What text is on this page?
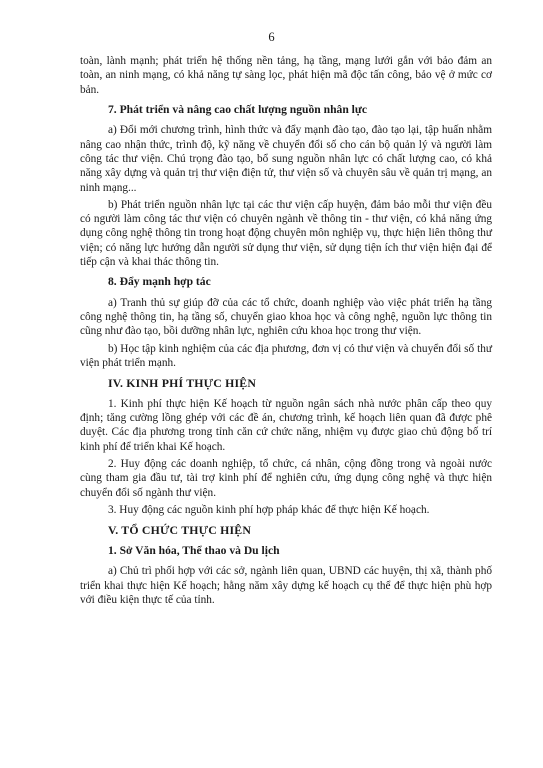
6

toàn, lành mạnh; phát triển hệ thống nền tảng, hạ tầng, mạng lưới gắn với bảo đảm an toàn, an ninh mạng, có khả năng tự sàng lọc, phát hiện mã độc tấn công, bảo vệ ở mức cơ bản.

7. Phát triển và nâng cao chất lượng nguồn nhân lực

a) Đổi mới chương trình, hình thức và đẩy mạnh đào tạo, đào tạo lại, tập huấn nhằm nâng cao nhận thức, trình độ, kỹ năng về chuyển đổi số cho cán bộ quản lý và người làm công tác thư viện. Chú trọng đào tạo, bổ sung nguồn nhân lực có chất lượng cao, có khả năng xây dựng và quản trị thư viện điện tử, thư viện số và chuyên sâu về quản trị mạng, an ninh mạng...

b) Phát triển nguồn nhân lực tại các thư viện cấp huyện, đảm bảo mỗi thư viện đều có người làm công tác thư viện có chuyên ngành về thông tin - thư viện, có khả năng ứng dụng công nghệ thông tin trong hoạt động chuyên môn nghiệp vụ, thực hiện liên thông thư viện; có năng lực hướng dẫn người sử dụng thư viện, sử dụng tiện ích thư viện hiện đại để tiếp cận và khai thác thông tin.

8. Đẩy mạnh hợp tác

a) Tranh thủ sự giúp đỡ của các tổ chức, doanh nghiệp vào việc phát triển hạ tầng công nghệ thông tin, hạ tầng số, chuyển giao khoa học và công nghệ, nguồn lực thông tin cũng như đào tạo, bồi dưỡng nhân lực, nghiên cứu khoa học trong thư viện.

b) Học tập kinh nghiệm của các địa phương, đơn vị có thư viện và chuyển đổi số thư viện phát triển mạnh.

IV. KINH PHÍ THỰC HIỆN

1. Kinh phí thực hiện Kế hoạch từ nguồn ngân sách nhà nước phân cấp theo quy định; tăng cường lồng ghép với các đề án, chương trình, kế hoạch liên quan đã được phê duyệt. Các địa phương trong tỉnh căn cứ chức năng, nhiệm vụ được giao chủ động bố trí kinh phí để triển khai Kế hoạch.

2. Huy động các doanh nghiệp, tổ chức, cá nhân, cộng đồng trong và ngoài nước cùng tham gia đầu tư, tài trợ kinh phí để nghiên cứu, ứng dụng công nghệ và thực hiện chuyển đổi số ngành thư viện.

3. Huy động các nguồn kinh phí hợp pháp khác để thực hiện Kế hoạch.

V. TỔ CHỨC THỰC HIỆN
1. Sở Văn hóa, Thể thao và Du lịch

a) Chủ trì phối hợp với các sở, ngành liên quan, UBND các huyện, thị xã, thành phố triển khai thực hiện Kế hoạch; hằng năm xây dựng kế hoạch cụ thể để thực hiện phù hợp với điều kiện thực tế của tỉnh.
